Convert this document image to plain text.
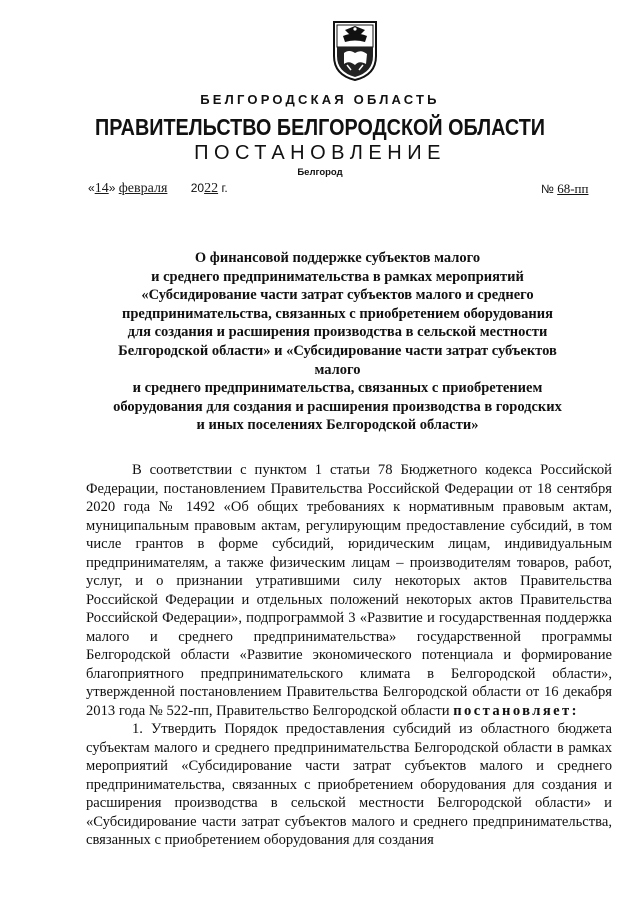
БЕЛГОРОДСКАЯ ОБЛАСТЬ
ПРАВИТЕЛЬСТВО БЕЛГОРОДСКОЙ ОБЛАСТИ
ПОСТАНОВЛЕНИЕ
Белгород
«14» февраля 2022 г.	№ 68-пп
О финансовой поддержке субъектов малого
и среднего предпринимательства в рамках мероприятий
«Субсидирование части затрат субъектов малого и среднего
предпринимательства, связанных с приобретением оборудования
для создания и расширения производства в сельской местности
Белгородской области» и «Субсидирование части затрат субъектов малого
и среднего предпринимательства, связанных с приобретением
оборудования для создания и расширения производства в городских
и иных поселениях Белгородской области»

В соответствии с пунктом 1 статьи 78 Бюджетного кодекса Российской Федерации, постановлением Правительства Российской Федерации от 18 сентября 2020 года № 1492 «Об общих требованиях к нормативным правовым актам, муниципальным правовым актам, регулирующим предоставление субсидий, в том числе грантов в форме субсидий, юридическим лицам, индивидуальным предпринимателям, а также физическим лицам – производителям товаров, работ, услуг, и о признании утратившими силу некоторых актов Правительства Российской Федерации и отдельных положений некоторых актов Правительства Российской Федерации», подпрограммой 3 «Развитие и государственная поддержка малого и среднего предпринимательства» государственной программы Белгородской области «Развитие экономического потенциала и формирование благоприятного предпринимательского климата в Белгородской области», утвержденной постановлением Правительства Белгородской области от 16 декабря 2013 года № 522-пп, Правительство Белгородской области постановляет:

1. Утвердить Порядок предоставления субсидий из областного бюджета субъектам малого и среднего предпринимательства Белгородской области в рамках мероприятий «Субсидирование части затрат субъектов малого и среднего предпринимательства, связанных с приобретением оборудования для создания и расширения производства в сельской местности Белгородской области» и «Субсидирование части затрат субъектов малого и среднего предпринимательства, связанных с приобретением оборудования для создания
